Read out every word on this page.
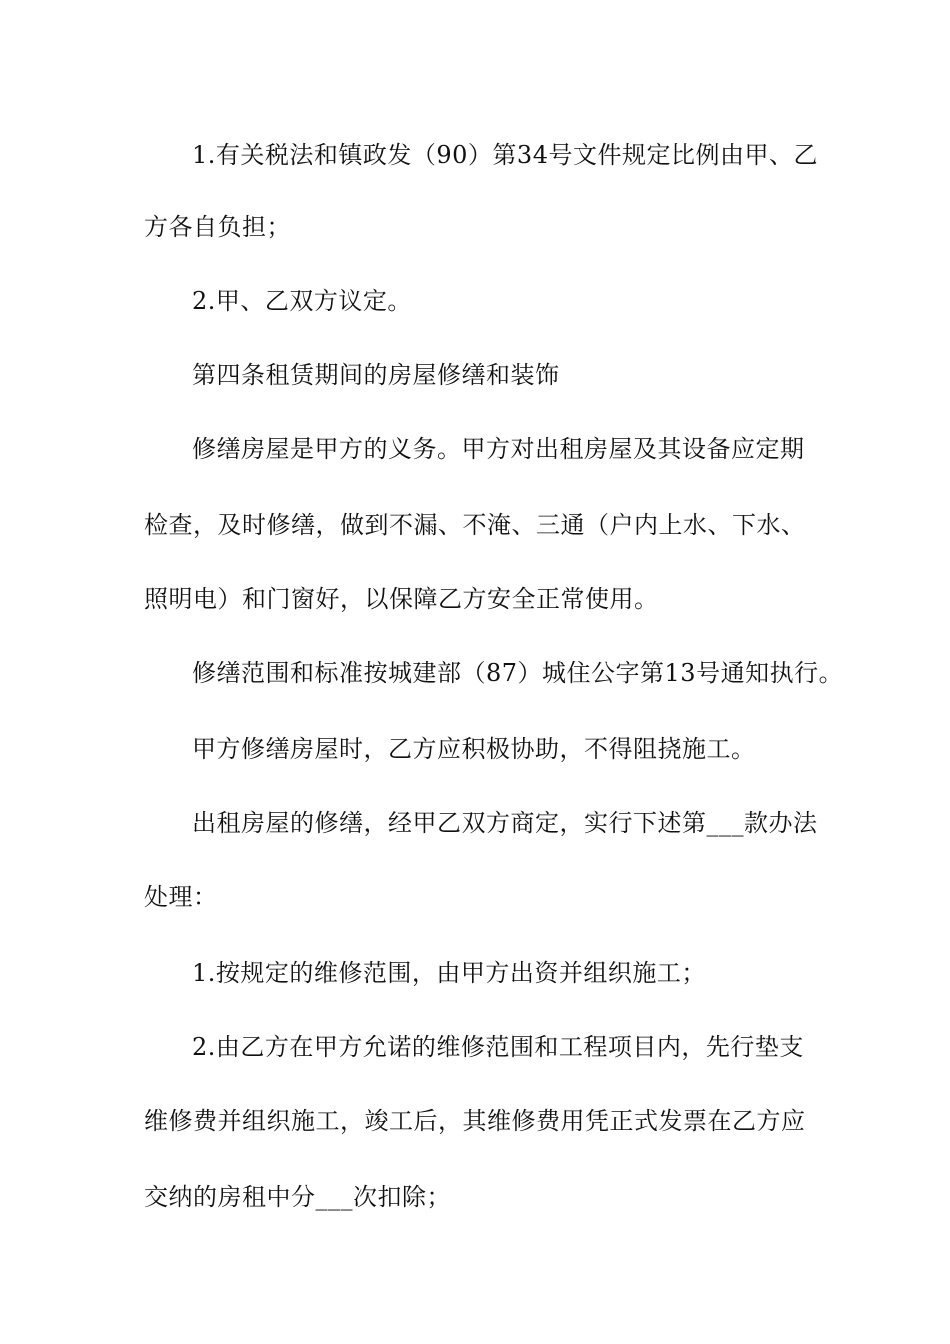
1.有关税法和镇政发（90）第34号文件规定比例由甲、乙
方各自负担；
2.甲、乙双方议定。
第四条租赁期间的房屋修缮和装饰
修缮房屋是甲方的义务。甲方对出租房屋及其设备应定期
检查，及时修缮，做到不漏、不淹、三通（户内上水、下水、
照明电）和门窗好，以保障乙方安全正常使用。
修缮范围和标准按城建部（87）城住公字第13号通知执行。
甲方修缮房屋时，乙方应积极协助，不得阻挠施工。
出租房屋的修缮，经甲乙双方商定，实行下述第___款办法
处理：
1.按规定的维修范围，由甲方出资并组织施工；
2.由乙方在甲方允诺的维修范围和工程项目内，先行垫支
维修费并组织施工，竣工后，其维修费用凭正式发票在乙方应
交纳的房租中分___次扣除；
